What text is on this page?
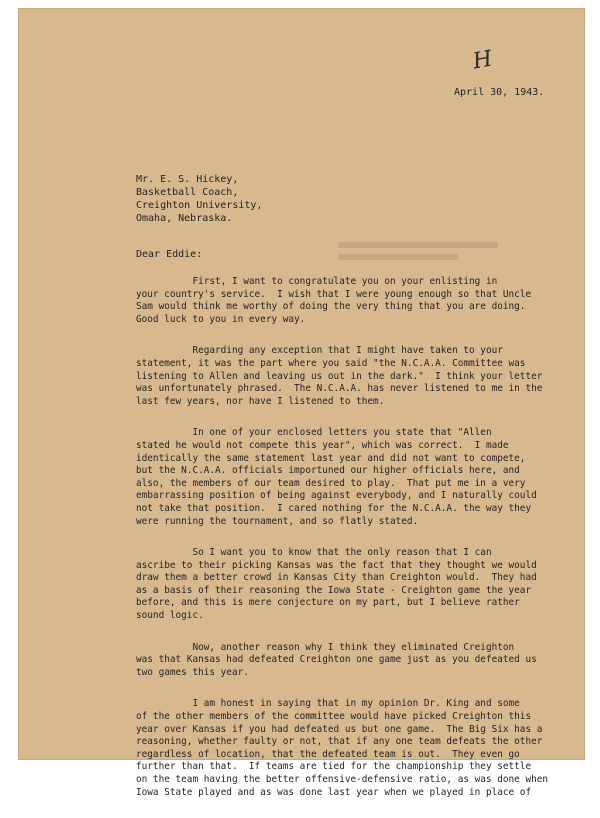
H
April 30, 1943.
Mr. E. S. Hickey,
Basketball Coach,
Creighton University,
Omaha, Nebraska.
Dear Eddie:
First, I want to congratulate you on your enlisting in
your country's service.  I wish that I were young enough so that Uncle
Sam would think me worthy of doing the very thing that you are doing.
Good luck to you in every way.
Regarding any exception that I might have taken to your
statement, it was the part where you said "the N.C.A.A. Committee was
listening to Allen and leaving us out in the dark."  I think your letter
was unfortunately phrased.  The N.C.A.A. has never listened to me in the
last few years, nor have I listened to them.
In one of your enclosed letters you state that "Allen
stated he would not compete this year", which was correct.  I made
identically the same statement last year and did not want to compete,
but the N.C.A.A. officials importuned our higher officials here, and
also, the members of our team desired to play.  That put me in a very
embarrassing position of being against everybody, and I naturally could
not take that position.  I cared nothing for the N.C.A.A. the way they
were running the tournament, and so flatly stated.
So I want you to know that the only reason that I can
ascribe to their picking Kansas was the fact that they thought we would
draw them a better crowd in Kansas City than Creighton would.  They had
as a basis of their reasoning the Iowa State - Creighton game the year
before, and this is mere conjecture on my part, but I believe rather
sound logic.
Now, another reason why I think they eliminated Creighton
was that Kansas had defeated Creighton one game just as you defeated us
two games this year.
I am honest in saying that in my opinion Dr. King and some
of the other members of the committee would have picked Creighton this
year over Kansas if you had defeated us but one game.  The Big Six has a
reasoning, whether faulty or not, that if any one team defeats the other
regardless of location, that the defeated team is out.  They even go
further than that.  If teams are tied for the championship they settle
on the team having the better offensive-defensive ratio, as was done when
Iowa State played and as was done last year when we played in place of
